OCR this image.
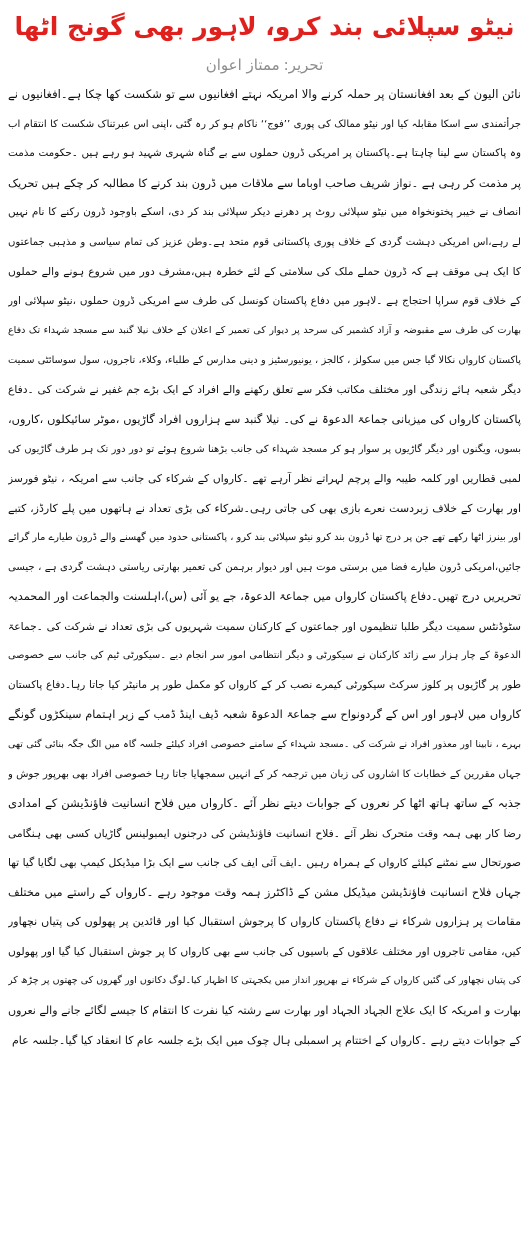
نیٹو سپلائی بند کرو، لاہور بھی گونج اٹھا
تحریر:ممتاز اعوان
نائن الیون کے بعد افغانستان پر حملہ کرنے والا امریکہ نہتے افغانیوں سے تو شکست کھا چکا ہے۔افغانیوں نے
جرأتمندی سے اسکا مقابلہ کیا اور نیٹو ممالک کی پوری ’’فوج‘‘ ناکام ہو کر رہ گئی ،اپنی اس عبرتناک شکست کا انتقام اب
وہ پاکستان سے لینا چاہتا ہے۔پاکستان پر امریکی ڈرون حملوں سے بے گناہ شہری شہید ہو رہے ہیں ۔حکومت مذمت
پر مذمت کر رہی ہے ۔نواز شریف صاحب اوباما سے ملاقات میں ڈرون بند کرنے کا مطالبہ کر چکے ہیں تحریک
انصاف نے خیبر پختونخواہ میں نیٹو سپلائی روٹ پر دھرنے دیکر سپلائی بند کر دی، اسکے باوجود ڈرون رکنے کا نام نہیں
لے رہے،اس امریکی دہشت گردی کے خلاف پوری پاکستانی قوم متحد ہے۔وطن عزیز کی تمام سیاسی و مذہبی جماعتوں
کا ایک ہی موقف ہے کہ ڈرون حملے ملک کی سلامتی کے لئے خطرہ ہیں،مشرف دور میں شروع ہونے والے حملوں
کے خلاف قوم سراپا احتجاج ہے ۔لاہور میں دفاع پاکستان کونسل کی طرف سے امریکی ڈرون حملوں ،نیٹو سپلائی اور
بھارت کی طرف سے مقبوضہ و آزاد کشمیر کی سرحد پر دیوار کی تعمیر کے اعلان کے خلاف نیلا گنبد سے مسجد شہداء تک دفاع
پاکستان کارواں نکالا گیا جس میں سکولز ، کالجز ، یونیورسٹیز و دینی مدارس کے طلباء، وکلاء، تاجروں، سول سوسائٹی سمیت
دیگر شعبہ ہائے زندگی اور مختلف مکاتب فکر سے تعلق رکھنے والے افراد کے ایک بڑے جم غفیر نے شرکت کی ۔دفاع
پاکستان کارواں کی میزبانی جماعۃ الدعوۃ نے کی۔ نیلا گنبد سے ہزاروں افراد گاڑیوں ،موٹر سائیکلوں ،کاروں،
بسوں، ویگنوں اور دیگر گاڑیوں پر سوار ہو کر مسجد شہداء کی جانب بڑھنا شروع ہوئے تو دور دور تک ہر طرف گاڑیوں کی
لمبی قطاریں اور کلمہ طیبہ والے پرچم لہراتے نظر آرہے تھے ۔کارواں کے شرکاء کی جانب سے امریکہ ، نیٹو فورسز
اور بھارت کے خلاف زبردست نعرے بازی بھی کی جاتی رہی۔شرکاء کی بڑی تعداد نے ہاتھوں میں پلے کارڈز، کتبے
اور بینرز اٹھا رکھے تھے جن پر درج تھا ڈرون بند کرو نیٹو سپلائی بند کرو ، پاکستانی حدود میں گھسنے والے ڈرون طیارے مار گرائے
جائیں،امریکی ڈرون طیارے فضا میں برستی موت ہیں اور دیوار برہمن کی تعمیر بھارتی ریاستی دہشت گردی ہے ، جیسی
تحریریں درج تھیں۔دفاع پاکستان کارواں میں جماعۃ الدعوۃ، جے یو آئی (س)،اہلسنت والجماعت اور المحمدیہ
سٹوڈنٹس سمیت دیگر طلبا تنظیموں اور جماعتوں کے کارکنان سمیت شہریوں کی بڑی تعداد نے شرکت کی ۔جماعۃ
الدعوۃ کے چار ہزار سے زائد کارکنان نے سیکورٹی و دیگر انتظامی امور سر انجام دیے ۔سیکورٹی ٹیم کی جانب سے خصوصی
طور پر گاڑیوں پر کلوز سرکٹ سیکورٹی کیمرے نصب کر کے کارواں کو مکمل طور پر مانیٹر کیا جاتا رہا۔دفاع پاکستان
کارواں میں لاہور اور اس کے گردونواح سے جماعۃ الدعوۃ شعبہ ڈیف اینڈ ڈمب کے زیر اہتمام سینکڑوں گونگے
بہرے ، نابینا اور معذور افراد نے شرکت کی ۔مسجد شہداء کے سامنے خصوصی افراد کیلئے جلسہ گاہ میں الگ جگہ بنائی گئی تھی
جہاں مقررین کے خطابات کا اشاروں کی زبان میں ترجمہ کر کے انہیں سمجھایا جاتا رہا خصوصی افراد بھی بھرپور جوش و
جذبہ کے ساتھ ہاتھ اٹھا کر نعروں کے جوابات دیتے نظر آئے ۔کارواں میں فلاح انسانیت فاؤنڈیشن کے امدادی
رضا کار بھی ہمہ وقت متحرک نظر آئے ۔فلاح انسانیت فاؤنڈیشن کی درجنوں ایمبولینس گاڑیاں کسی بھی ہنگامی
صورتحال سے نمٹنے کیلئے کارواں کے ہمراہ رہیں ۔ایف آئی ایف کی جانب سے ایک بڑا میڈیکل کیمپ بھی لگایا گیا تھا
جہاں فلاح انسانیت فاؤنڈیشن میڈیکل مشن کے ڈاکٹرز ہمہ وقت موجود رہے ۔کارواں کے راستے میں مختلف
مقامات پر ہزاروں شرکاء نے دفاع پاکستان کارواں کا پرجوش استقبال کیا اور قائدین پر پھولوں کی پتیاں نچھاور
کیں، مقامی تاجروں اور مختلف علاقوں کے باسیوں کی جانب سے بھی کارواں کا پر جوش استقبال کیا گیا اور پھولوں
کی پتیاں نچھاور کی گئیں کارواں کے شرکاء نے بھرپور انداز میں یکجہتی کا اظہار کیا۔لوگ دکانوں اور گھروں کی چھتوں پر چڑھ کر
بھارت و امریکہ کا ایک علاج الجہاد الجہاد اور بھارت سے رشتہ کیا نفرت کا انتقام کا جیسے لگائے جانے والے نعروں
کے جوابات دیتے رہے ۔کارواں کے اختتام پر اسمبلی ہال چوک میں ایک بڑے جلسہ عام کا انعقاد کیا گیا۔جلسہ عام
